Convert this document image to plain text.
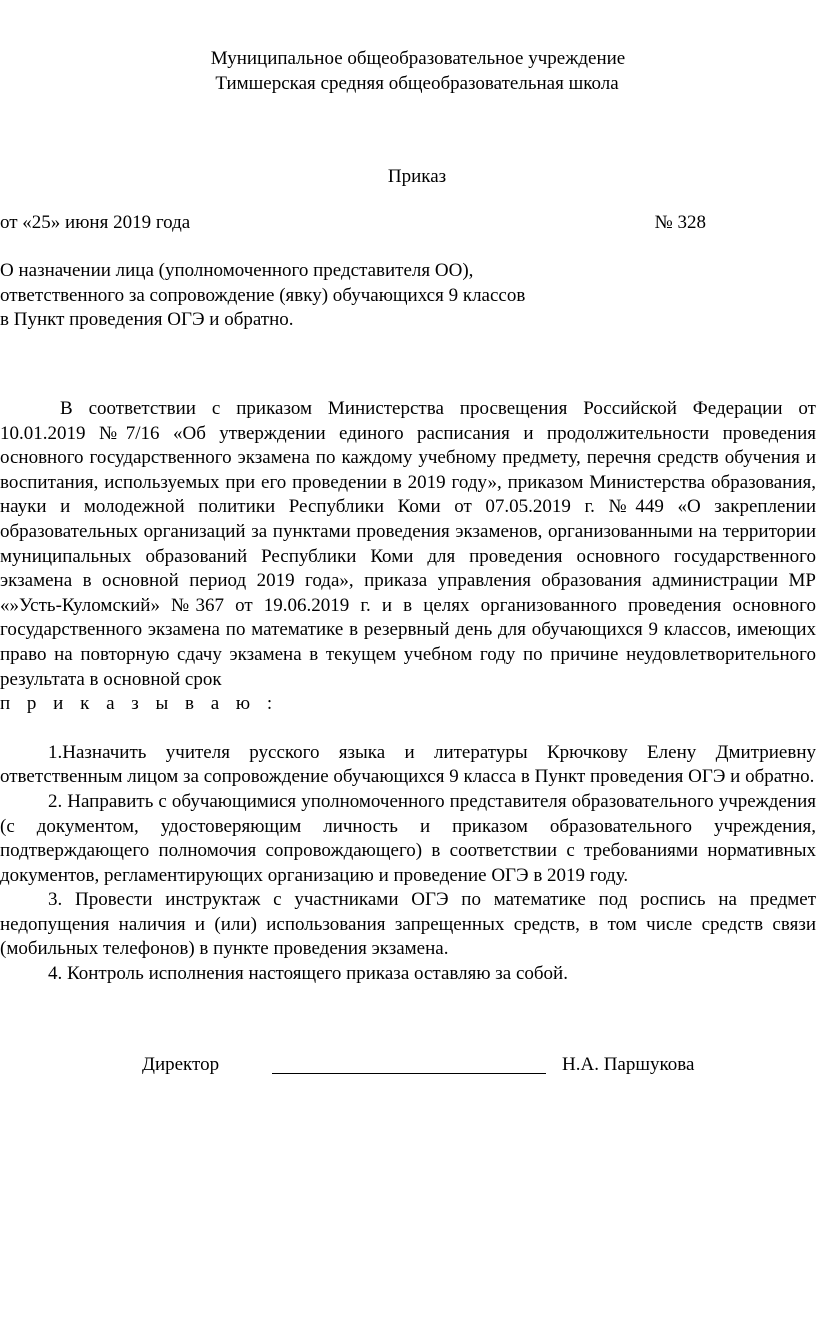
Муниципальное общеобразовательное учреждение
Тимшерская средняя общеобразовательная школа
Приказ
от «25» июня 2019 года	№ 328
О назначении лица (уполномоченного представителя ОО),
ответственного за сопровождение (явку) обучающихся 9 классов
в Пункт проведения ОГЭ и обратно.

В соответствии с приказом Министерства просвещения Российской Федерации от 10.01.2019 №7/16 «Об утверждении единого расписания и продолжительности проведения основного государственного экзамена по каждому учебному предмету, перечня средств обучения и воспитания, используемых при его проведении в 2019 году», приказом Министерства образования, науки и молодежной политики Республики Коми от 07.05.2019 г. №449 «О закреплении образовательных организаций за пунктами проведения экзаменов, организованными на территории муниципальных образований Республики Коми для проведения основного государственного экзамена в основной период 2019 года», приказа управления образования администрации МР «»Усть-Куломский» №367 от 19.06.2019 г. и в целях организованного проведения основного государственного экзамена по математике в резервный день для обучающихся 9 классов, имеющих право на повторную сдачу экзамена в текущем учебном году по причине неудовлетворительного результата в основной срок

п р и к а з ы в а ю :

1.Назначить учителя русского языка и литературы Крючкову Елену Дмитриевну ответственным лицом за сопровождение обучающихся 9 класса в Пункт проведения ОГЭ и обратно.

2. Направить с обучающимися уполномоченного представителя образовательного учреждения (с документом, удостоверяющим личность и приказом образовательного учреждения, подтверждающего полномочия сопровождающего) в соответствии с требованиями нормативных документов, регламентирующих организацию и проведение ОГЭ в 2019 году.

3. Провести инструктаж с участниками ОГЭ по математике под роспись на предмет недопущения наличия и (или) использования запрещенных средств, в том числе средств связи (мобильных телефонов) в пункте проведения экзамена.

4. Контроль исполнения настоящего приказа оставляю за собой.

Директор	Н.А. Паршукова
